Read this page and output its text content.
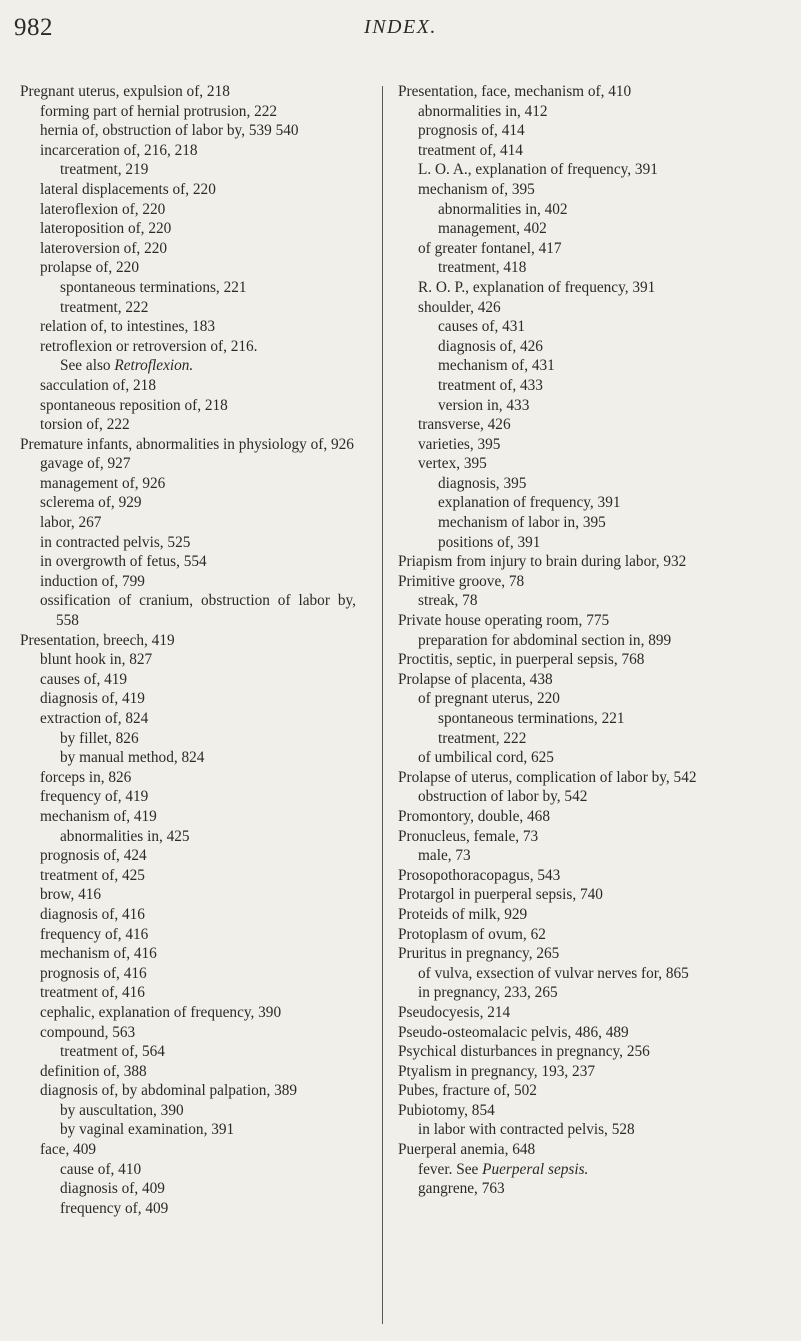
982	INDEX.

Pregnant uterus, expulsion of, 218

forming part of hernial protrusion, 222

hernia of, obstruction of labor by, 539 540

incarceration of, 216, 218

treatment, 219

lateral displacements of, 220

lateroflexion of, 220

lateroposition of, 220

lateroversion of, 220

prolapse of, 220

spontaneous terminations, 221

treatment, 222

relation of, to intestines, 183

retroflexion or retroversion of, 216.

See also Retroflexion.

sacculation of, 218

spontaneous reposition of, 218

torsion of, 222

Premature infants, abnormalities in physiology of, 926

gavage of, 927

management of, 926

sclerema of, 929

labor, 267

in contracted pelvis, 525

in overgrowth of fetus, 554

induction of, 799

ossification of cranium, obstruction of labor by, 558

Presentation, breech, 419

blunt hook in, 827

causes of, 419

diagnosis of, 419

extraction of, 824

by fillet, 826

by manual method, 824

forceps in, 826

frequency of, 419

mechanism of, 419

abnormalities in, 425

prognosis of, 424

treatment of, 425

brow, 416

diagnosis of, 416

frequency of, 416

mechanism of, 416

prognosis of, 416

treatment of, 416

cephalic, explanation of frequency, 390

compound, 563

treatment of, 564

definition of, 388

diagnosis of, by abdominal palpation, 389

by auscultation, 390

by vaginal examination, 391

face, 409

cause of, 410

diagnosis of, 409

frequency of, 409

Presentation, face, mechanism of, 410

abnormalities in, 412

prognosis of, 414

treatment of, 414

L. O. A., explanation of frequency, 391

mechanism of, 395

abnormalities in, 402

management, 402

of greater fontanel, 417

treatment, 418

R. O. P., explanation of frequency, 391

shoulder, 426

causes of, 431

diagnosis of, 426

mechanism of, 431

treatment of, 433

version in, 433

transverse, 426

varieties, 395

vertex, 395

diagnosis, 395

explanation of frequency, 391

mechanism of labor in, 395

positions of, 391

Priapism from injury to brain during labor, 932

Primitive groove, 78

streak, 78

Private house operating room, 775

preparation for abdominal section in, 899

Proctitis, septic, in puerperal sepsis, 768

Prolapse of placenta, 438

of pregnant uterus, 220

spontaneous terminations, 221

treatment, 222

of umbilical cord, 625

Prolapse of uterus, complication of labor by, 542

obstruction of labor by, 542

Promontory, double, 468

Pronucleus, female, 73

male, 73

Prosopothoracopagus, 543

Protargol in puerperal sepsis, 740

Proteids of milk, 929

Protoplasm of ovum, 62

Pruritus in pregnancy, 265

of vulva, exsection of vulvar nerves for, 865

in pregnancy, 233, 265

Pseudocyesis, 214

Pseudo-osteomalacic pelvis, 486, 489

Psychical disturbances in pregnancy, 256

Ptyalism in pregnancy, 193, 237

Pubes, fracture of, 502

Pubiotomy, 854

in labor with contracted pelvis, 528

Puerperal anemia, 648

fever. See Puerperal sepsis.

gangrene, 763
